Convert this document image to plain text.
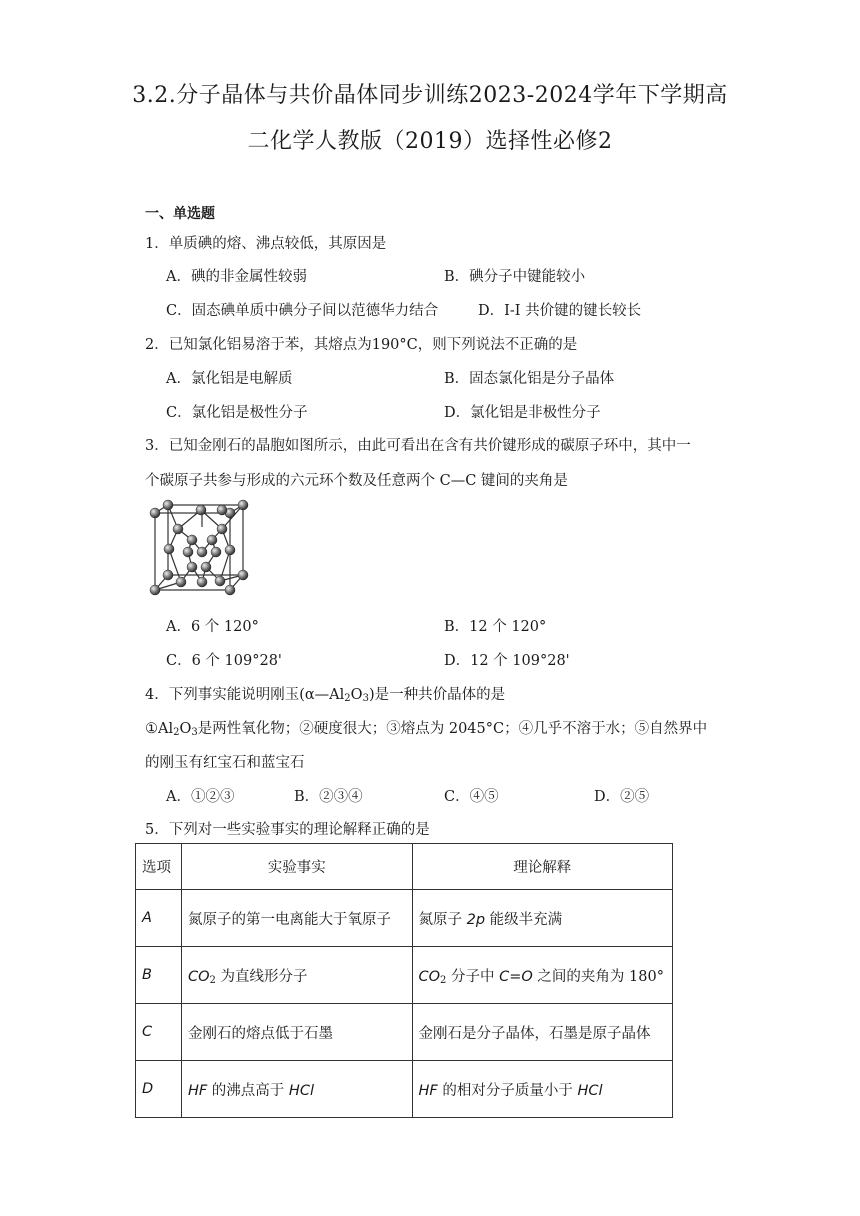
3.2.分子晶体与共价晶体同步训练2023-2024学年下学期高
二化学人教版（2019）选择性必修2
一、单选题
1．单质碘的熔、沸点较低，其原因是
A．碘的非金属性较弱	B．碘分子中键能较小
C．固态碘单质中碘分子间以范德华力结合	D．I-I 共价键的键长较长
2．已知氯化铝易溶于苯，其熔点为190°C，则下列说法不正确的是
A．氯化铝是电解质	B．固态氯化铝是分子晶体
C．氯化铝是极性分子	D．氯化铝是非极性分子
3．已知金刚石的晶胞如图所示，由此可看出在含有共价键形成的碳原子环中，其中一
个碳原子共参与形成的六元环个数及任意两个 C—C 键间的夹角是
A．6 个 120°	B．12 个 120°
C．6 个 109°28'	D．12 个 109°28'
4．下列事实能说明刚玉$(\alpha—Al_2O_3)$是一种共价晶体的是
$①Al_2O_3$是两性氧化物；②硬度很大；③熔点为 2045°C；④几乎不溶于水；⑤自然界中
的刚玉有红宝石和蓝宝石
A．①②③	B．②③④	C．④⑤	D．②⑤
5．下列对一些实验事实的理论解释正确的是
选项	实验事实	理论解释
A	氮原子的第一电离能大于氧原子	氮原子 2p 能级半充满
B	$CO_2$ 为直线形分子	$CO_2$ 分子中 C=O 之间的夹角为 180°
C	金刚石的熔点低于石墨	金刚石是分子晶体，石墨是原子晶体
D	HF 的沸点高于 HCl	HF 的相对分子质量小于 HCl
